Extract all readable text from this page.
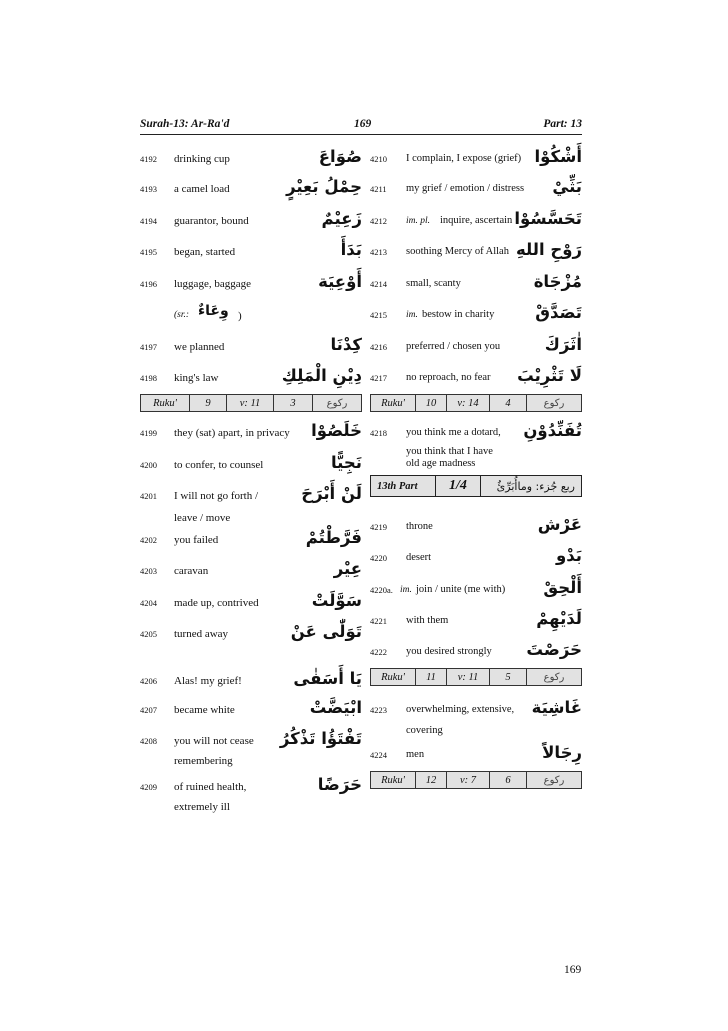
Surah-13: Ar-Ra'd	169	Part: 13
4192 drinking cup	صُوَاعَ
4193 a camel load	حِمْلُ بَعِيْرٍ
4194 guarantor, bound	زَعِيْمٌ
4195 began, started	بَدَأَ
4196 luggage, baggage	أَوْعِيَة
(sr.: وِعَاءٌ )
4197 we planned	كِدْنَا
4198 king's law	دِيْنِ الْمَلِكِ
Ruku'	9	v: 11	3	رکوع
4199 they (sat) apart, in privacy خَلَصُوْا
4200 to confer, to counsel	نَجِيًّا
4201 I will not go forth /	لَنْ أَبْرَحَ
leave / move
4202 you failed	فَرَّطْتُمْ
4203 caravan	عِيْر
4204 made up, contrived	سَوَّلَتْ
4205 turned away	تَوَلّٰى عَنْ
4206 Alas! my grief!	يَا أَسَفٰى
4207 became white	ابْيَضَّتْ
4208 you will not cease تَفْتَؤُا تَذْكُرُ
remembering
4209 of ruined health,	حَرَضًا
extremely ill
4210 I complain, I expose (grief) أَشْكُوْا
4211 my grief / emotion / distress بَثِّيْ
4212 im. pl. inquire, ascertain تَحَسَّسُوْا
4213 soothing Mercy of Allah رَوْحِ اللهِ
4214 small, scanty	مُزْجَاة
4215 im. bestow in charity تَصَدَّقْ
4216 preferred / chosen you	اٰثَرَكَ
4217 no reproach, no fear لَا تَثْرِيْبَ
Ruku'	10	v: 14	4	رکوع
4218 you think me a dotard, تُفَنِّدُوْنِ
you think that I have
old age madness
13th Part	1/4	ربع جُزء: وماأُبَرِّئُ
4219 throne	عَرْش
4220 desert	بَدْو
4220a. im. join / unite (me with) أَلْحِقْ
4221 with them	لَدَيْهِمْ
4222 you desired strongly حَرَصْتَ
Ruku'	11	v: 11	5	رکوع
4223 overwhelming, extensive, غَاشِيَة
covering
4224 men	رِجَالاً
Ruku'	12	v: 7	6	رکوع
169
